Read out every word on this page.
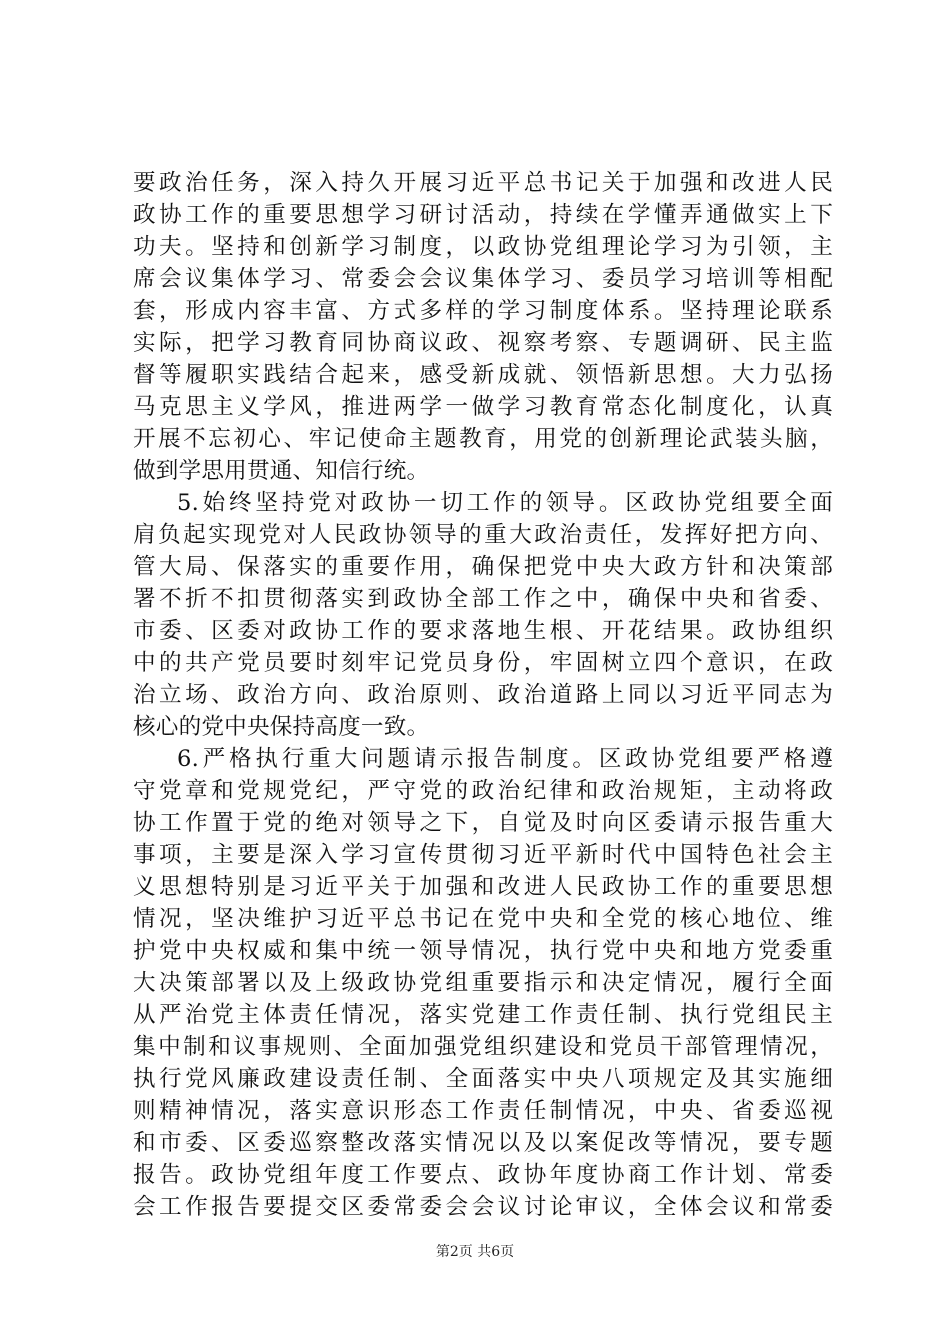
要政治任务，深入持久开展习近平总书记关于加强和改进人民
政协工作的重要思想学习研讨活动，持续在学懂弄通做实上下
功夫。坚持和创新学习制度，以政协党组理论学习为引领，主
席会议集体学习、常委会会议集体学习、委员学习培训等相配
套，形成内容丰富、方式多样的学习制度体系。坚持理论联系
实际，把学习教育同协商议政、视察考察、专题调研、民主监
督等履职实践结合起来，感受新成就、领悟新思想。大力弘扬
马克思主义学风，推进两学一做学习教育常态化制度化，认真
开展不忘初心、牢记使命主题教育，用党的创新理论武装头脑，
做到学思用贯通、知信行统。
5.始终坚持党对政协一切工作的领导。区政协党组要全面
肩负起实现党对人民政协领导的重大政治责任，发挥好把方向、
管大局、保落实的重要作用，确保把党中央大政方针和决策部
署不折不扣贯彻落实到政协全部工作之中，确保中央和省委、
市委、区委对政协工作的要求落地生根、开花结果。政协组织
中的共产党员要时刻牢记党员身份，牢固树立四个意识，在政
治立场、政治方向、政治原则、政治道路上同以习近平同志为
核心的党中央保持高度一致。
6.严格执行重大问题请示报告制度。区政协党组要严格遵
守党章和党规党纪，严守党的政治纪律和政治规矩，主动将政
协工作置于党的绝对领导之下，自觉及时向区委请示报告重大
事项，主要是深入学习宣传贯彻习近平新时代中国特色社会主
义思想特别是习近平关于加强和改进人民政协工作的重要思想
情况，坚决维护习近平总书记在党中央和全党的核心地位、维
护党中央权威和集中统一领导情况，执行党中央和地方党委重
大决策部署以及上级政协党组重要指示和决定情况，履行全面
从严治党主体责任情况，落实党建工作责任制、执行党组民主
集中制和议事规则、全面加强党组织建设和党员干部管理情况，
执行党风廉政建设责任制、全面落实中央八项规定及其实施细
则精神情况，落实意识形态工作责任制情况，中央、省委巡视
和市委、区委巡察整改落实情况以及以案促改等情况，要专题
报告。政协党组年度工作要点、政协年度协商工作计划、常委
会工作报告要提交区委常委会会议讨论审议，全体会议和常委
第2页 共6页
